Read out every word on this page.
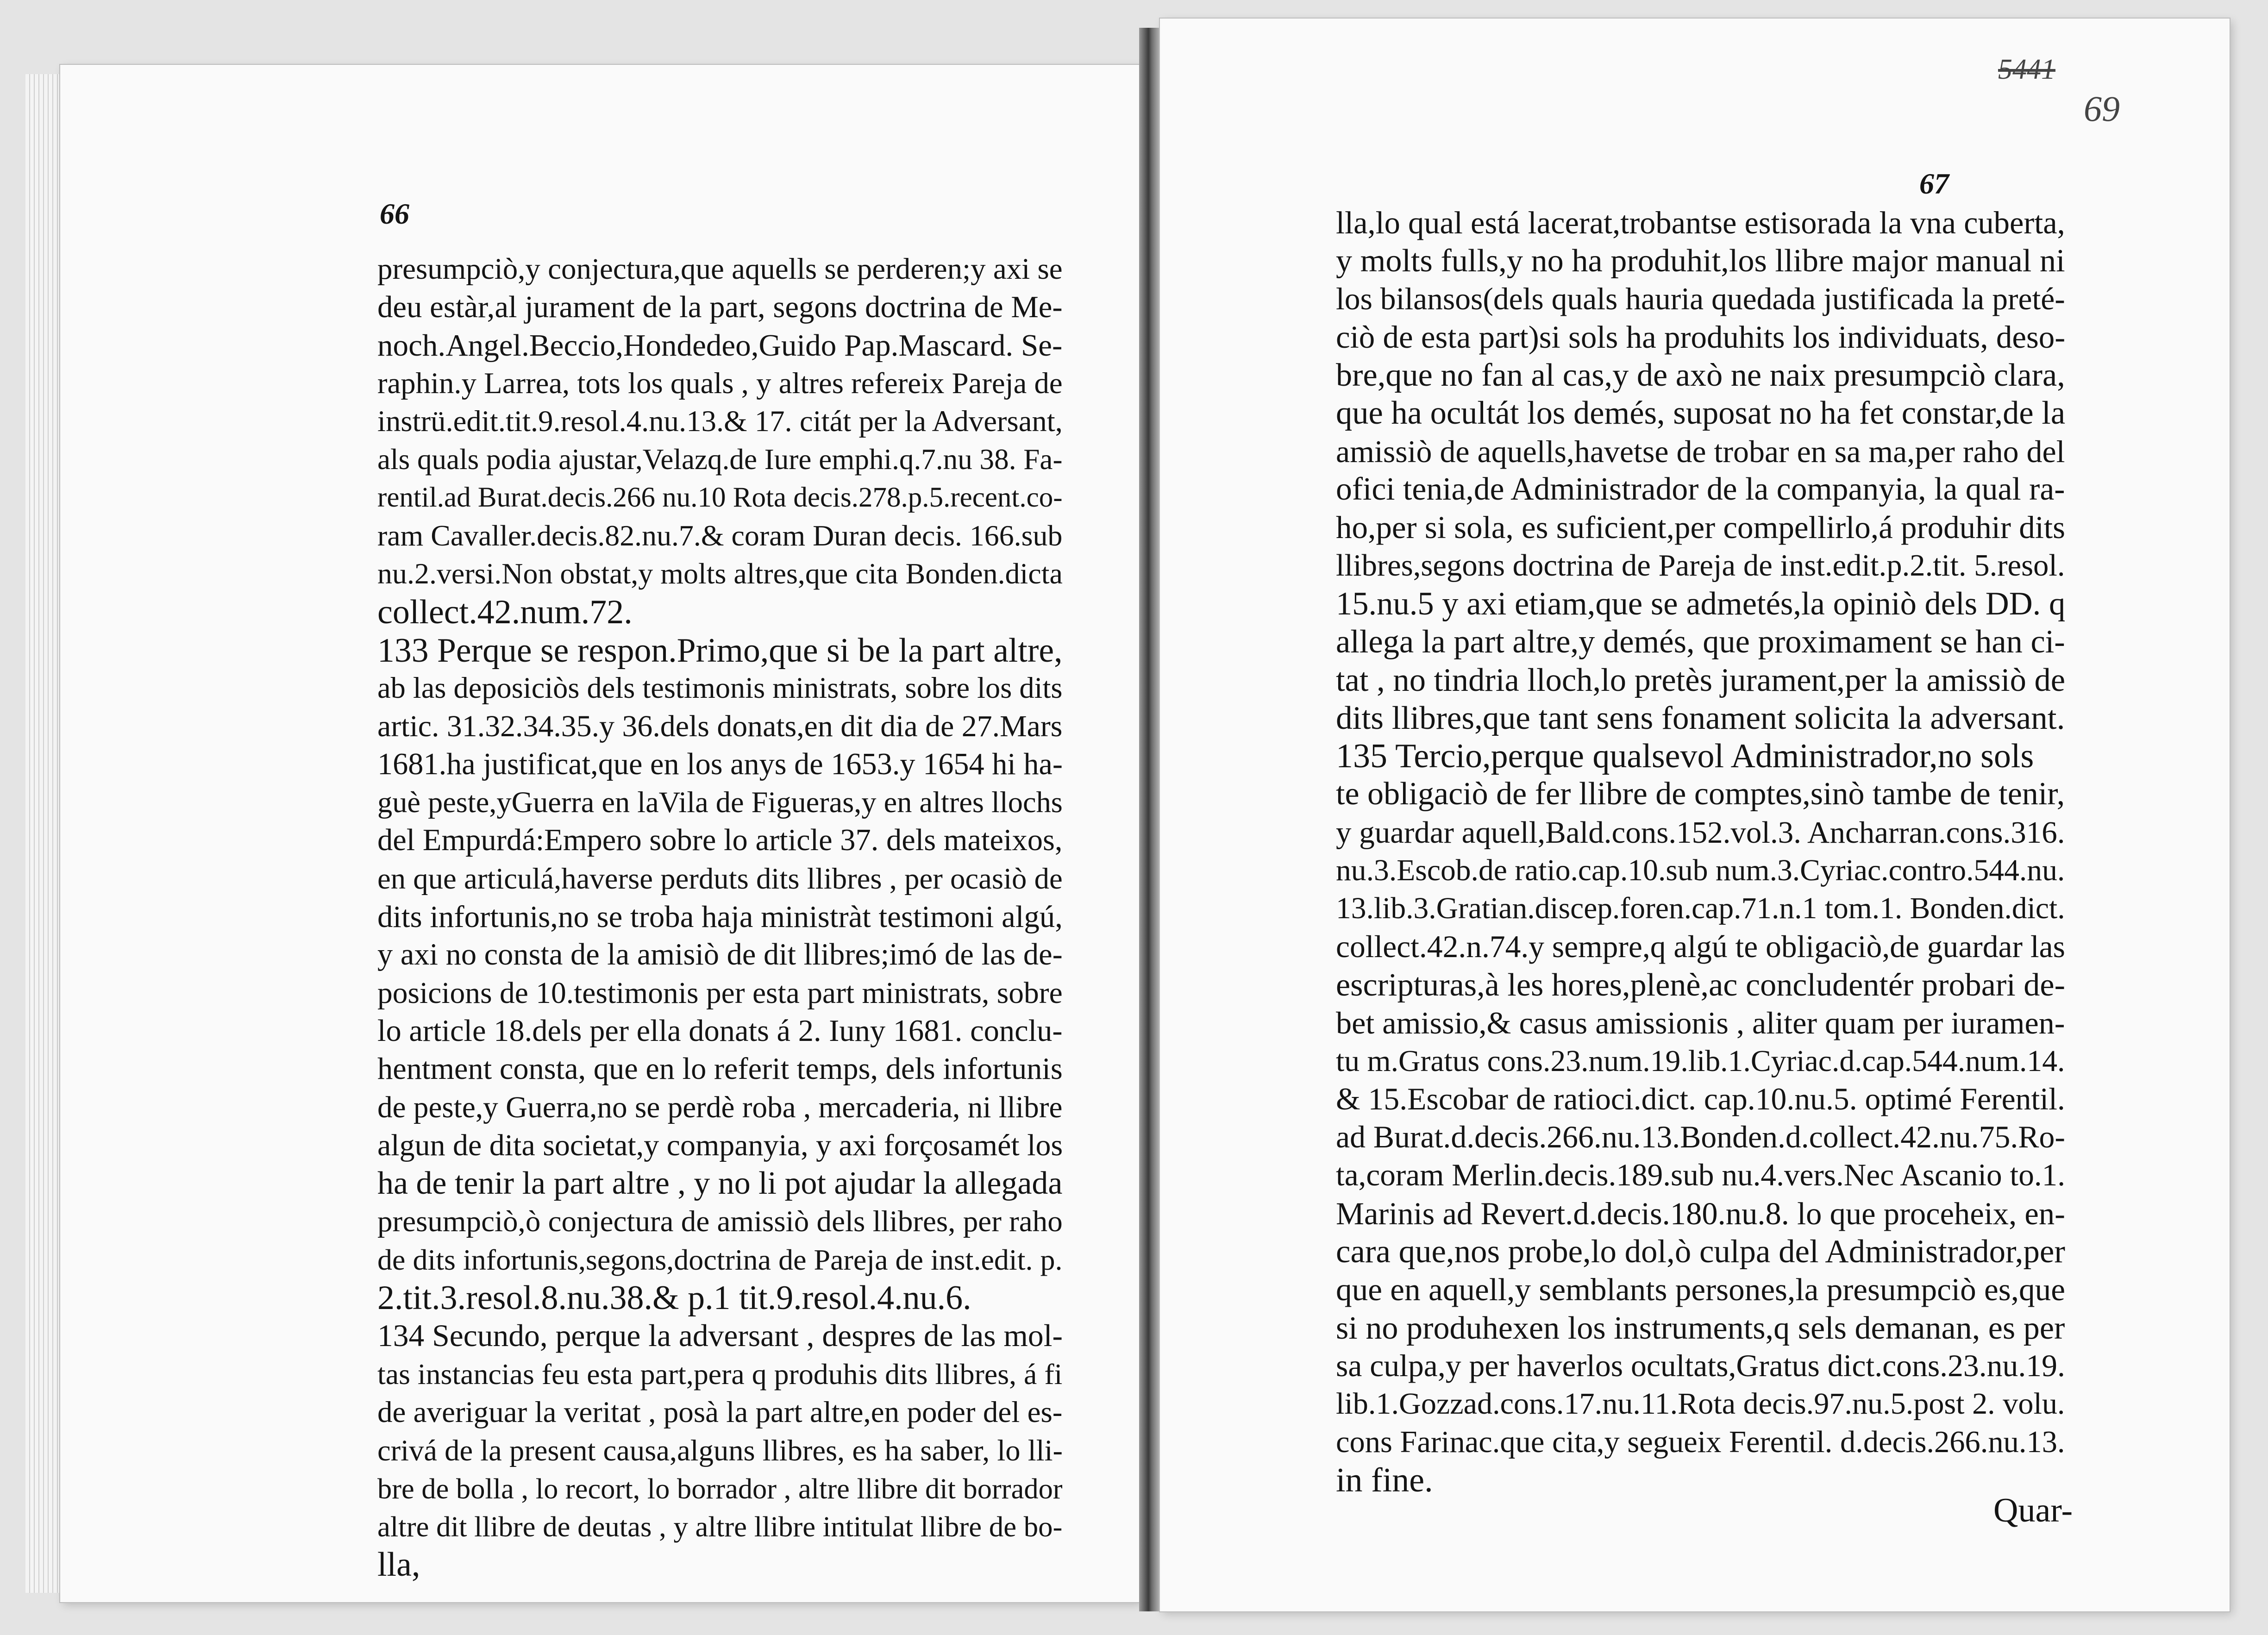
66
presumpciò,y conjectura,que aquells se perderen;y axi se
deu estàr,al jurament de la part, segons doctrina de Me-
noch.Angel.Beccio,Hondedeo,Guido Pap.Mascard. Se-
raphin.y Larrea, tots los quals , y altres refereix Pareja de
instrü.edit.tit.9.resol.4.nu.13.& 17. citát per la Adversant,
als quals podia ajustar,Velazq.de Iure emphi.q.7.nu 38. Fa-
rentil.ad Burat.decis.266 nu.10 Rota decis.278.p.5.recent.co-
ram Cavaller.decis.82.nu.7.& coram Duran decis. 166.sub
nu.2.versi.Non obstat,y molts altres,que cita Bonden.dicta
collect.42.num.72.
133 Perque se respon.Primo,que si be la part altre,
ab las deposiciòs dels testimonis ministrats, sobre los dits
artic. 31.32.34.35.y 36.dels donats,en dit dia de 27.Mars
1681.ha justificat,que en los anys de 1653.y 1654 hi ha-
guè peste,yGuerra en laVila de Figueras,y en altres llochs
del Empurdá:Empero sobre lo article 37. dels mateixos,
en que articulá,haverse perduts dits llibres , per ocasiò de
dits infortunis,no se troba haja ministràt testimoni algú,
y axi no consta de la amisiò de dit llibres;imó de las de-
posicions de 10.testimonis per esta part ministrats, sobre
lo article 18.dels per ella donats á 2. Iuny 1681. conclu-
hentment consta, que en lo referit temps, dels infortunis
de peste,y Guerra,no se perdè roba , mercaderia, ni llibre
algun de dita societat,y companyia, y axi forçosamét los
ha de tenir la part altre , y no li pot ajudar la allegada
presumpciò,ò conjectura de amissiò dels llibres, per raho
de dits infortunis,segons,doctrina de Pareja de inst.edit. p.
2.tit.3.resol.8.nu.38.& p.1 tit.9.resol.4.nu.6.
134 Secundo, perque la adversant , despres de las mol-
tas instancias feu esta part,pera q produhis dits llibres, á fi
de averiguar la veritat , posà la part altre,en poder del es-
crivá de la present causa,alguns llibres, es ha saber, lo lli-
bre de bolla , lo recort, lo borrador , altre llibre dit borrador
altre dit llibre de deutas , y altre llibre intitulat llibre de bo-
lla,
5441
69
67
lla,lo qual está lacerat,trobantse estisorada la vna cuberta,
y molts fulls,y no ha produhit,los llibre major manual ni
los bilansos(dels quals hauria quedada justificada la preté-
ciò de esta part)si sols ha produhits los individuats, deso-
bre,que no fan al cas,y de axò ne naix presumpciò clara,
que ha ocultát los demés, suposat no ha fet constar,de la
amissiò de aquells,havetse de trobar en sa ma,per raho del
ofici tenia,de Administrador de la companyia, la qual ra-
ho,per si sola, es suficient,per compellirlo,á produhir dits
llibres,segons doctrina de Pareja de inst.edit.p.2.tit. 5.resol.
15.nu.5 y axi etiam,que se admetés,la opiniò dels DD. q
allega la part altre,y demés, que proximament se han ci-
tat , no tindria lloch,lo pretès jurament,per la amissiò de
dits llibres,que tant sens fonament solicita la adversant.
135 Tercio,perque qualsevol Administrador,no sols
te obligaciò de fer llibre de comptes,sinò tambe de tenir,
y guardar aquell,Bald.cons.152.vol.3. Ancharran.cons.316.
nu.3.Escob.de ratio.cap.10.sub num.3.Cyriac.contro.544.nu.
13.lib.3.Gratian.discep.foren.cap.71.n.1 tom.1. Bonden.dict.
collect.42.n.74.y sempre,q algú te obligaciò,de guardar las
escripturas,à les hores,plenè,ac concludentér probari de-
bet amissio,& casus amissionis , aliter quam per iuramen-
tu m.Gratus cons.23.num.19.lib.1.Cyriac.d.cap.544.num.14.
& 15.Escobar de ratioci.dict. cap.10.nu.5. optimé Ferentil.
ad Burat.d.decis.266.nu.13.Bonden.d.collect.42.nu.75.Ro-
ta,coram Merlin.decis.189.sub nu.4.vers.Nec Ascanio to.1.
Marinis ad Revert.d.decis.180.nu.8. lo que proceheix, en-
cara que,nos probe,lo dol,ò culpa del Administrador,per
que en aquell,y semblants persones,la presumpciò es,que
si no produhexen los instruments,q sels demanan, es per
sa culpa,y per haverlos ocultats,Gratus dict.cons.23.nu.19.
lib.1.Gozzad.cons.17.nu.11.Rota decis.97.nu.5.post 2. volu.
cons Farinac.que cita,y segueix Ferentil. d.decis.266.nu.13.
in fine.
Quar-
